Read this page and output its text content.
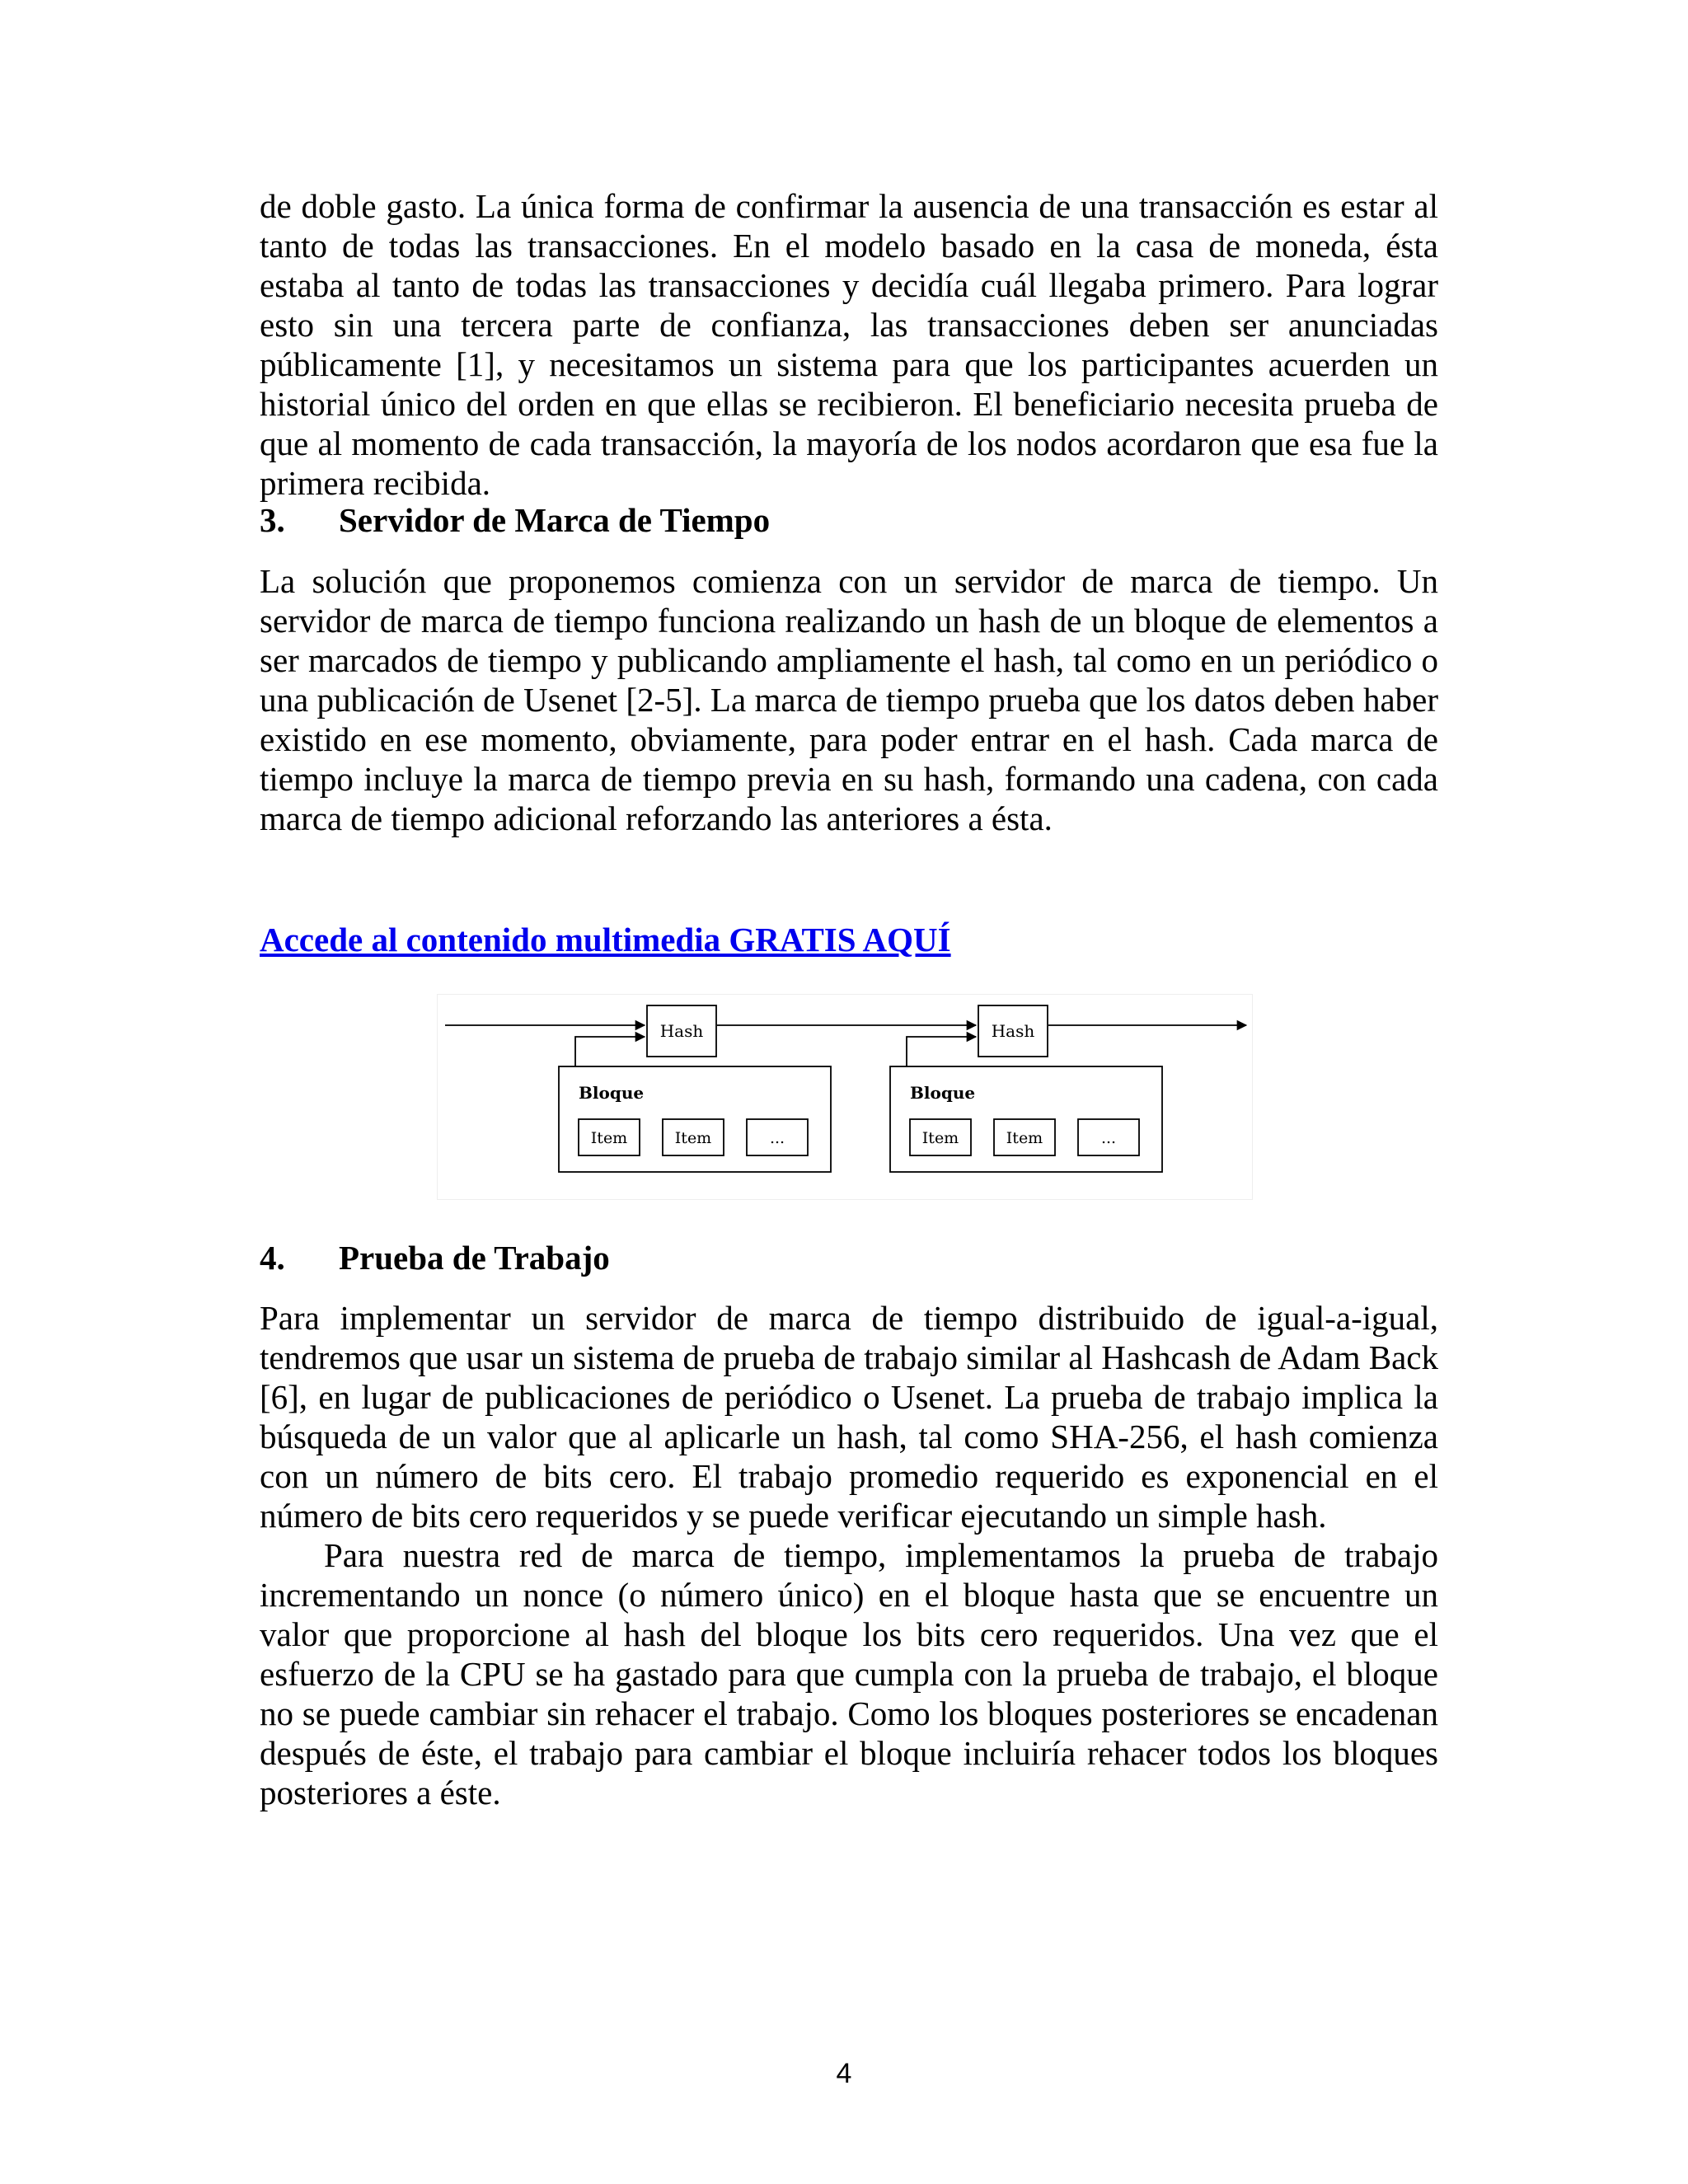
de doble gasto. La única forma de confirmar la ausencia de una transacción es estar al tanto de todas las transacciones. En el modelo basado en la casa de moneda, ésta estaba al tanto de todas las transacciones y decidía cuál llegaba primero. Para lograr esto sin una tercera parte de confianza, las transacciones deben ser anunciadas públicamente [1], y necesitamos un sistema para que los participantes acuerden un historial único del orden en que ellas se recibieron. El beneficiario necesita prueba de que al momento de cada transacción, la mayoría de los nodos acordaron que esa fue la primera recibida.

3. Servidor de Marca de Tiempo

La solución que proponemos comienza con un servidor de marca de tiempo. Un servidor de marca de tiempo funciona realizando un hash de un bloque de elementos a ser marcados de tiempo y publicando ampliamente el hash, tal como en un periódico o una publicación de Usenet [2-5]. La marca de tiempo prueba que los datos deben haber existido en ese momento, obviamente, para poder entrar en el hash. Cada marca de tiempo incluye la marca de tiempo previa en su hash, formando una cadena, con cada marca de tiempo adicional reforzando las anteriores a ésta.

Accede al contenido multimedia GRATIS AQUÍ
Hash	Hash
Bloque
Item	Item	...
Bloque
Item	Item	...
4. Prueba de Trabajo

Para implementar un servidor de marca de tiempo distribuido de igual-a-igual, tendremos que usar un sistema de prueba de trabajo similar al Hashcash de Adam Back [6], en lugar de publicaciones de periódico o Usenet. La prueba de trabajo implica la búsqueda de un valor que al aplicarle un hash, tal como SHA-256, el hash comienza con un número de bits cero. El trabajo promedio requerido es exponencial en el número de bits cero requeridos y se puede verificar ejecutando un simple hash.

Para nuestra red de marca de tiempo, implementamos la prueba de trabajo incrementando un nonce (o número único) en el bloque hasta que se encuentre un valor que proporcione al hash del bloque los bits cero requeridos. Una vez que el esfuerzo de la CPU se ha gastado para que cumpla con la prueba de trabajo, el bloque no se puede cambiar sin rehacer el trabajo. Como los bloques posteriores se encadenan después de éste, el trabajo para cambiar el bloque incluiría rehacer todos los bloques posteriores a éste.

4
